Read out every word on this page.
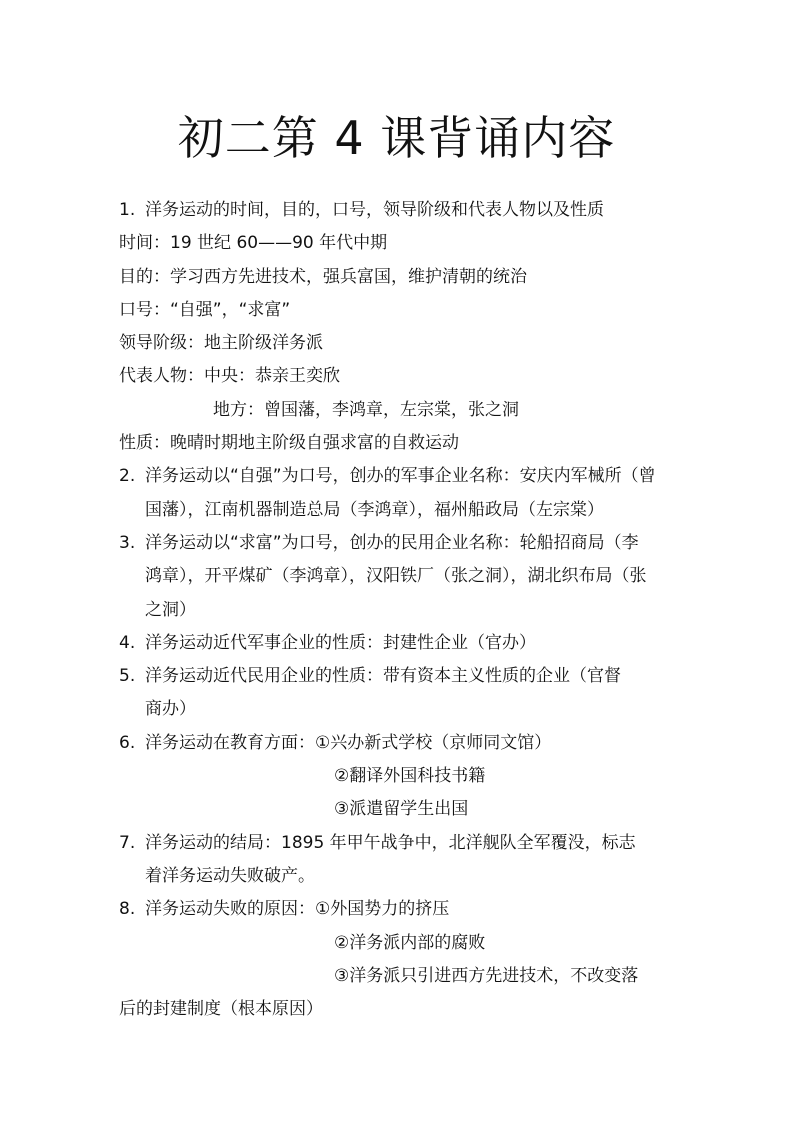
初二第 4 课背诵内容
1. 洋务运动的时间，目的，口号，领导阶级和代表人物以及性质
时间：19 世纪 60——90 年代中期
目的：学习西方先进技术，强兵富国，维护清朝的统治
口号：“自强”，“求富”
领导阶级：地主阶级洋务派
代表人物：中央：恭亲王奕欣
地方：曾国藩，李鸿章，左宗棠，张之洞
性质：晚晴时期地主阶级自强求富的自救运动
2. 洋务运动以“自强”为口号，创办的军事企业名称：安庆内军械所（曾
国藩），江南机器制造总局（李鸿章），福州船政局（左宗棠）
3. 洋务运动以“求富”为口号，创办的民用企业名称：轮船招商局（李
鸿章），开平煤矿（李鸿章），汉阳铁厂（张之洞），湖北织布局（张
之洞）
4. 洋务运动近代军事企业的性质：封建性企业（官办）
5. 洋务运动近代民用企业的性质：带有资本主义性质的企业（官督
商办）
6. 洋务运动在教育方面：①兴办新式学校（京师同文馆）
②翻译外国科技书籍
③派遣留学生出国
7. 洋务运动的结局：1895 年甲午战争中，北洋舰队全军覆没，标志
着洋务运动失败破产。
8. 洋务运动失败的原因：①外国势力的挤压
②洋务派内部的腐败
③洋务派只引进西方先进技术，不改变落
后的封建制度（根本原因）
